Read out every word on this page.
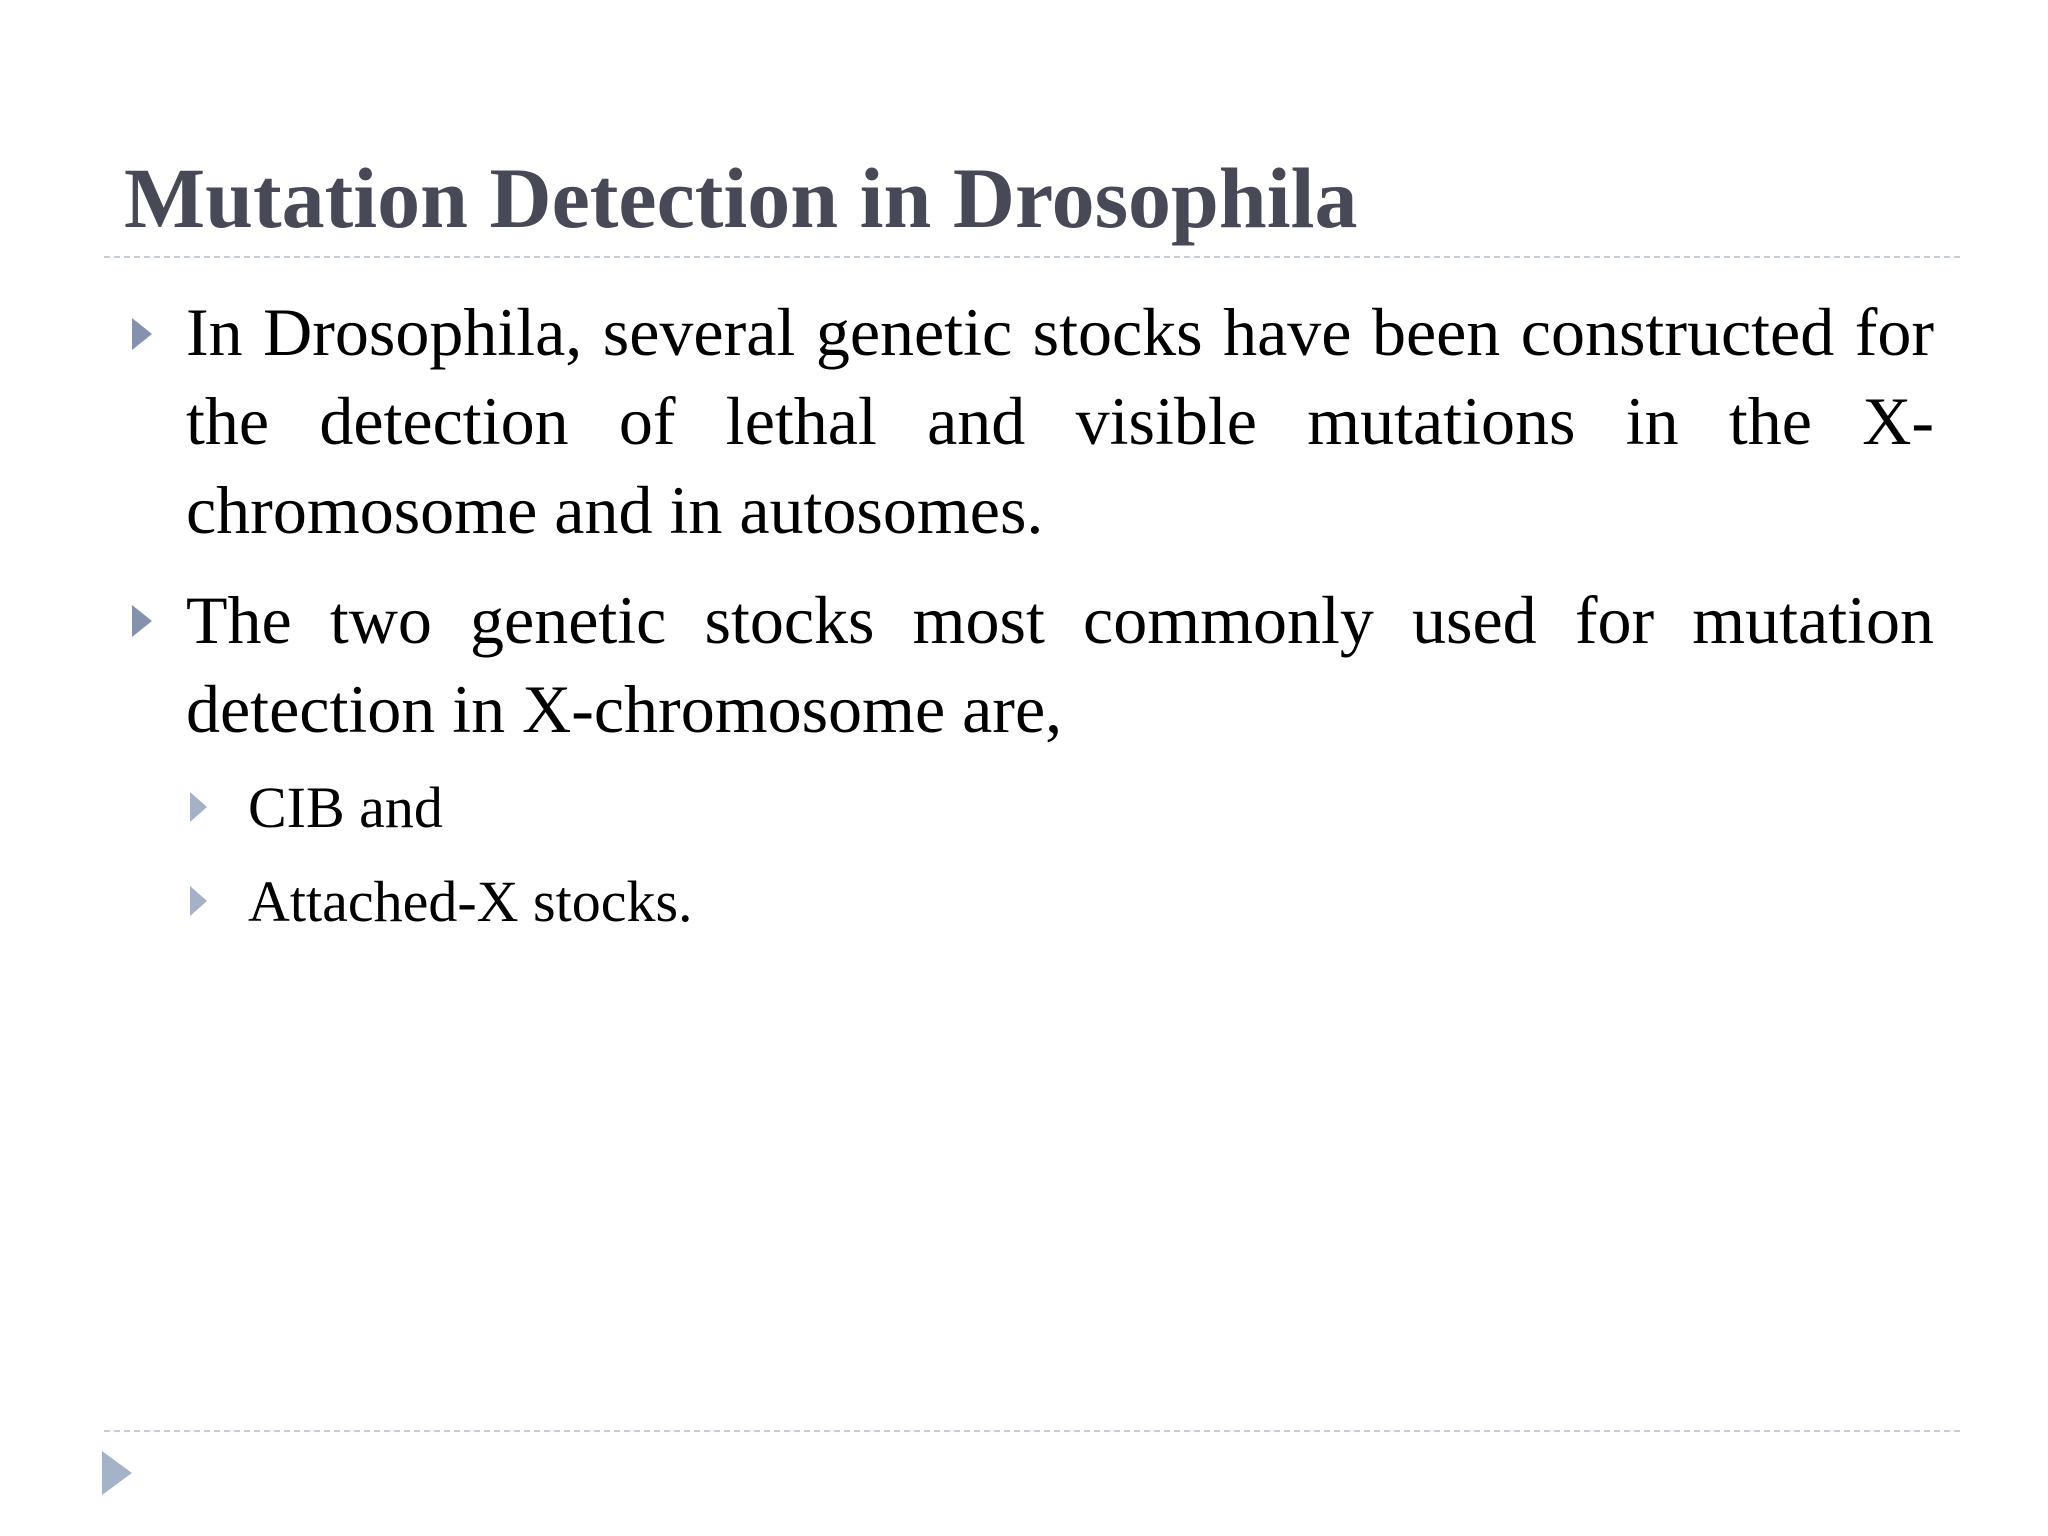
Mutation Detection in Drosophila

In Drosophila, several genetic stocks have been constructed for the detection of lethal and visible mutations in the X-chromosome and in autosomes.

The two genetic stocks most commonly used for mutation detection in X-chromosome are,

CIB and

Attached-X stocks.
